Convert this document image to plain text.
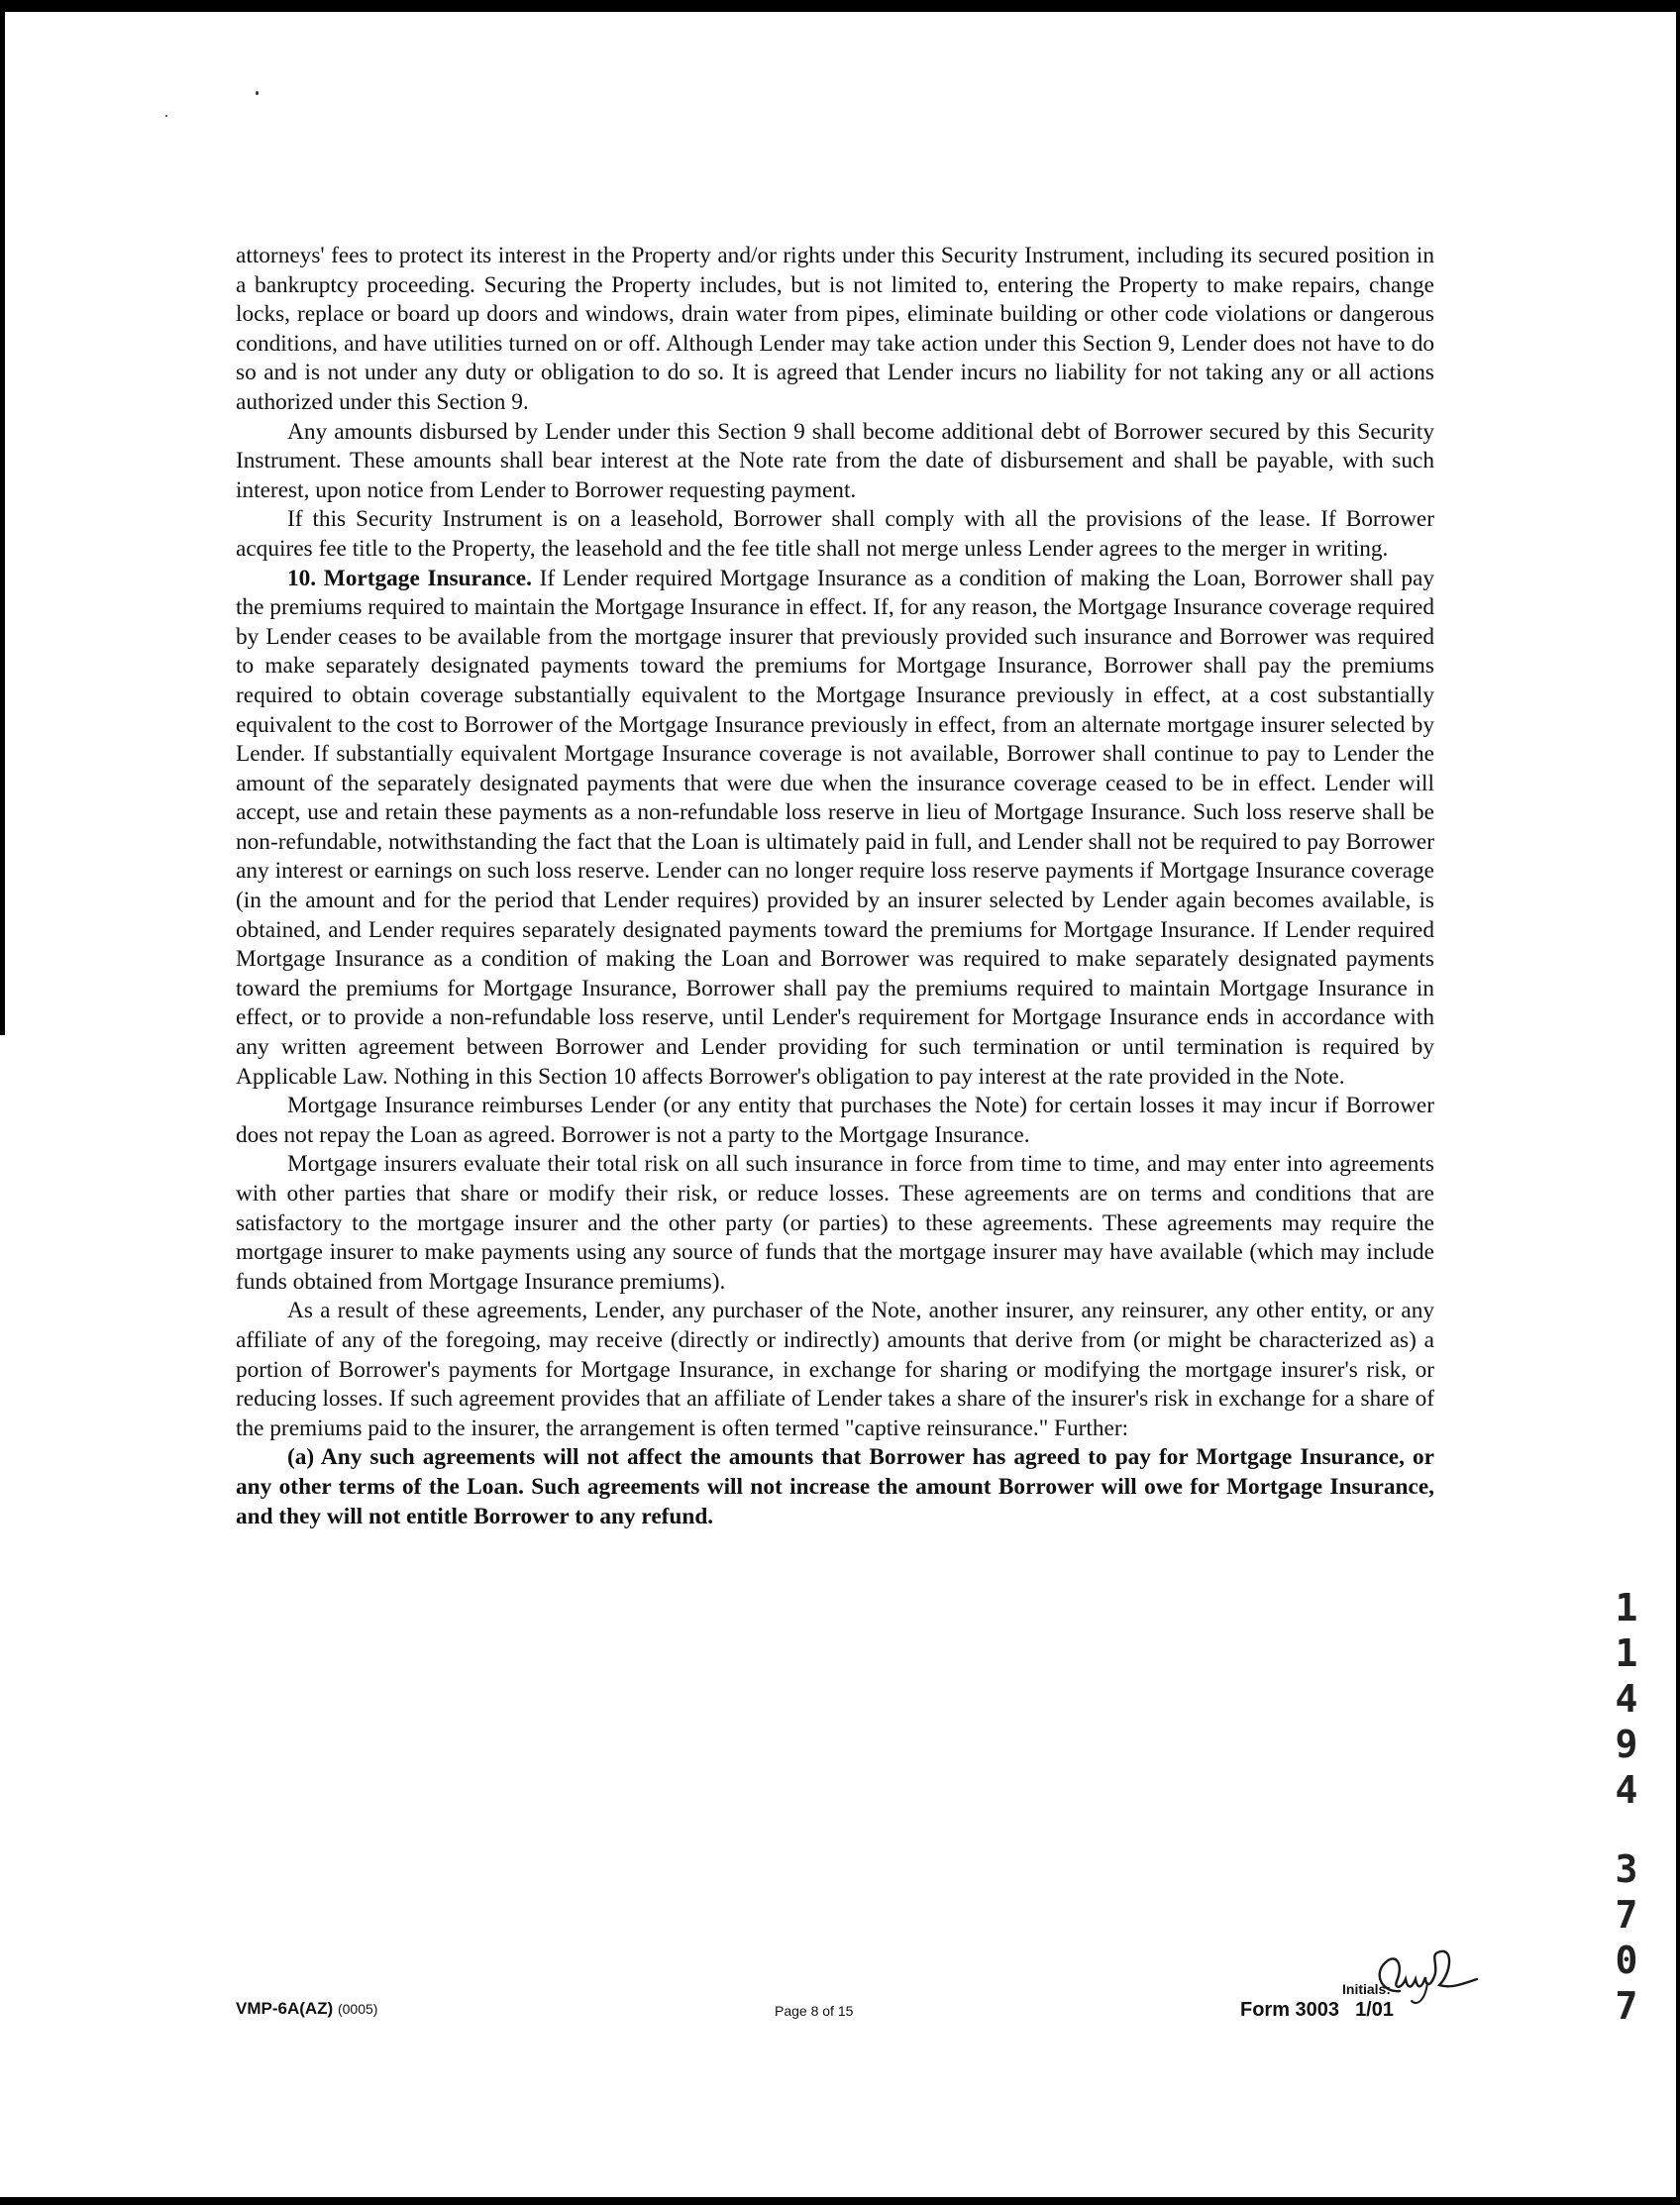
attorneys' fees to protect its interest in the Property and/or rights under this Security Instrument, including its secured position in a bankruptcy proceeding. Securing the Property includes, but is not limited to, entering the Property to make repairs, change locks, replace or board up doors and windows, drain water from pipes, eliminate building or other code violations or dangerous conditions, and have utilities turned on or off. Although Lender may take action under this Section 9, Lender does not have to do so and is not under any duty or obligation to do so. It is agreed that Lender incurs no liability for not taking any or all actions authorized under this Section 9.

Any amounts disbursed by Lender under this Section 9 shall become additional debt of Borrower secured by this Security Instrument. These amounts shall bear interest at the Note rate from the date of disbursement and shall be payable, with such interest, upon notice from Lender to Borrower requesting payment.

If this Security Instrument is on a leasehold, Borrower shall comply with all the provisions of the lease. If Borrower acquires fee title to the Property, the leasehold and the fee title shall not merge unless Lender agrees to the merger in writing.

10. Mortgage Insurance. If Lender required Mortgage Insurance as a condition of making the Loan, Borrower shall pay the premiums required to maintain the Mortgage Insurance in effect. If, for any reason, the Mortgage Insurance coverage required by Lender ceases to be available from the mortgage insurer that previously provided such insurance and Borrower was required to make separately designated payments toward the premiums for Mortgage Insurance, Borrower shall pay the premiums required to obtain coverage substantially equivalent to the Mortgage Insurance previously in effect, at a cost substantially equivalent to the cost to Borrower of the Mortgage Insurance previously in effect, from an alternate mortgage insurer selected by Lender. If substantially equivalent Mortgage Insurance coverage is not available, Borrower shall continue to pay to Lender the amount of the separately designated payments that were due when the insurance coverage ceased to be in effect. Lender will accept, use and retain these payments as a non-refundable loss reserve in lieu of Mortgage Insurance. Such loss reserve shall be non-refundable, notwithstanding the fact that the Loan is ultimately paid in full, and Lender shall not be required to pay Borrower any interest or earnings on such loss reserve. Lender can no longer require loss reserve payments if Mortgage Insurance coverage (in the amount and for the period that Lender requires) provided by an insurer selected by Lender again becomes available, is obtained, and Lender requires separately designated payments toward the premiums for Mortgage Insurance. If Lender required Mortgage Insurance as a condition of making the Loan and Borrower was required to make separately designated payments toward the premiums for Mortgage Insurance, Borrower shall pay the premiums required to maintain Mortgage Insurance in effect, or to provide a non-refundable loss reserve, until Lender's requirement for Mortgage Insurance ends in accordance with any written agreement between Borrower and Lender providing for such termination or until termination is required by Applicable Law. Nothing in this Section 10 affects Borrower's obligation to pay interest at the rate provided in the Note.

Mortgage Insurance reimburses Lender (or any entity that purchases the Note) for certain losses it may incur if Borrower does not repay the Loan as agreed. Borrower is not a party to the Mortgage Insurance.

Mortgage insurers evaluate their total risk on all such insurance in force from time to time, and may enter into agreements with other parties that share or modify their risk, or reduce losses. These agreements are on terms and conditions that are satisfactory to the mortgage insurer and the other party (or parties) to these agreements. These agreements may require the mortgage insurer to make payments using any source of funds that the mortgage insurer may have available (which may include funds obtained from Mortgage Insurance premiums).

As a result of these agreements, Lender, any purchaser of the Note, another insurer, any reinsurer, any other entity, or any affiliate of any of the foregoing, may receive (directly or indirectly) amounts that derive from (or might be characterized as) a portion of Borrower's payments for Mortgage Insurance, in exchange for sharing or modifying the mortgage insurer's risk, or reducing losses. If such agreement provides that an affiliate of Lender takes a share of the insurer's risk in exchange for a share of the premiums paid to the insurer, the arrangement is often termed "captive reinsurance." Further:

(a) Any such agreements will not affect the amounts that Borrower has agreed to pay for Mortgage Insurance, or any other terms of the Loan. Such agreements will not increase the amount Borrower will owe for Mortgage Insurance, and they will not entitle Borrower to any refund.

1
1
4
9
4
3
7
0
7
Initials:
VMP-6A(AZ) (0005)	Page 8 of 15	Form 3003 1/01
